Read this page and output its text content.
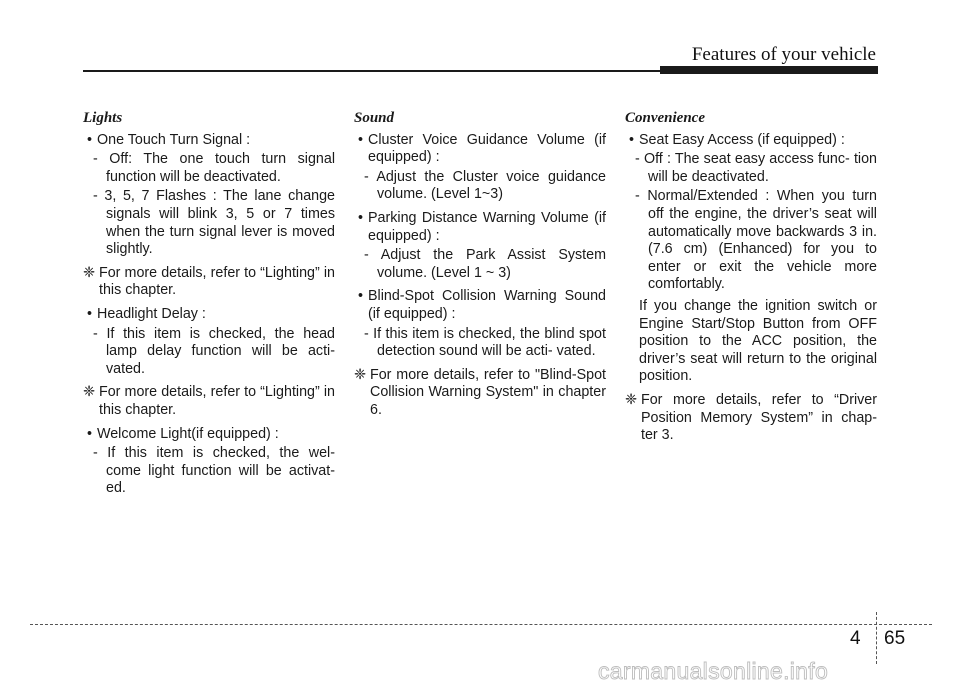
Features of your vehicle
Lights
• One Touch Turn Signal :
- Off: The one touch turn signal function will be deactivated.
- 3, 5, 7 Flashes : The lane change signals will blink 3, 5 or 7 times when the turn signal lever is moved slightly.
❈ For more details, refer to “Lighting” in this chapter.
• Headlight Delay :
- If this item is checked, the head lamp delay function will be acti- vated.
❈ For more details, refer to “Lighting” in this chapter.
• Welcome Light(if equipped) :
- If this item is checked, the wel- come light function will be activat- ed.
Sound
• Cluster Voice Guidance Volume (if equipped) :
- Adjust the Cluster voice guidance volume. (Level 1~3)
• Parking Distance Warning Volume (if equipped) :
- Adjust the Park Assist System volume. (Level 1 ~ 3)
• Blind-Spot Collision Warning Sound (if equipped) :
- If this item is checked, the blind spot detection sound will be acti- vated.
❈ For more details, refer to "Blind-Spot Collision Warning System" in chapter 6.
Convenience
• Seat Easy Access (if equipped) :
- Off : The seat easy access func- tion will be deactivated.
- Normal/Extended : When you turn off the engine, the driver’s seat will automatically move backwards 3 in. (7.6 cm) (Enhanced) for you to enter or exit the vehicle more comfortably.
If you change the ignition switch or Engine Start/Stop Button from OFF position to the ACC position, the driver’s seat will return to the original position.
❈ For more details, refer to “Driver Position Memory System” in chap- ter 3.
4 65
carmanualsonline.info
